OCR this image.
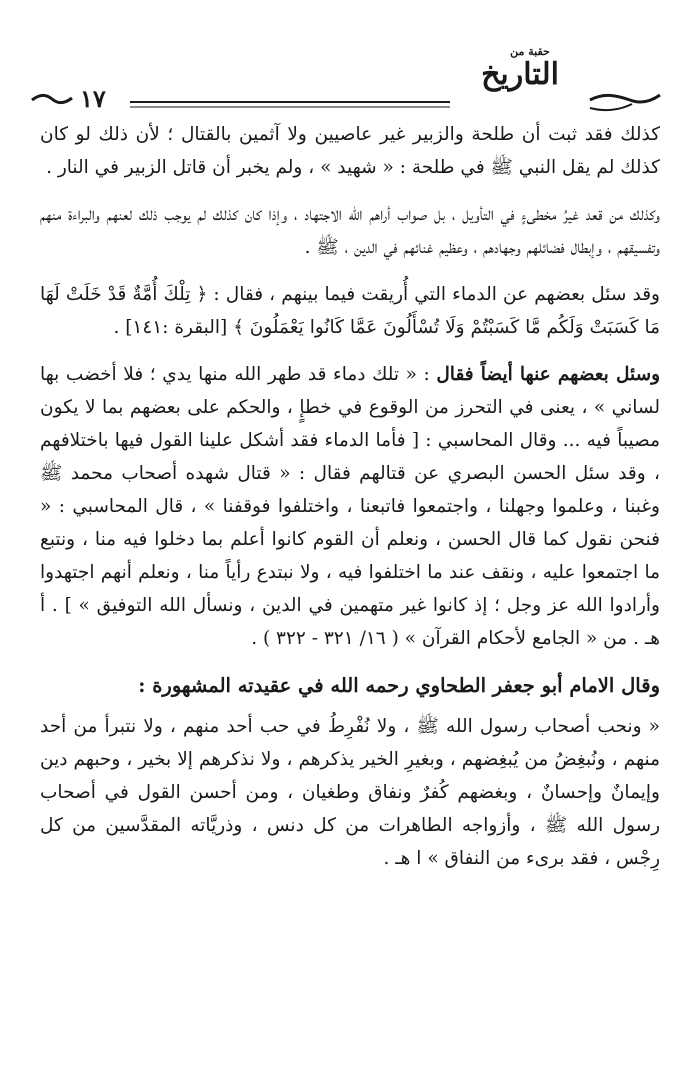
١٧
حقبة من
التاريخ

كذلك فقد ثبت أن طلحة والزبير غير عاصيين ولا آثمين بالقتال ؛ لأن ذلك لو كان كذلك لم يقل النبي ﷺ في طلحة : « شهيد » ، ولم يخبر أن قاتل الزبير في النار .

وكذلك من قعد غيرُ مخطىءٍ في التأويل ، بل صواب أراهم الله الاجتهاد ، وإذا كان كذلك لم يوجب ذلك لعنهم والبراءة منهم وتفسيقهم ، وإبطال فضائلهم وجهادهم ، وعظيم غنائهم في الدين ، ﷺ .

وقد سئل بعضهم عن الدماء التي أُريقت فيما بينهم ، فقال : ﴿ تِلْكَ أُمَّةٌ قَدْ خَلَتْ لَهَا مَا كَسَبَتْ وَلَكُم مَّا كَسَبْتُمْ وَلَا تُسْأَلُونَ عَمَّا كَانُوا يَعْمَلُونَ ﴾ [البقرة :١٤١] .

وسئل بعضهم عنها أيضاً فقال : « تلك دماء قد طهر الله منها يدي ؛ فلا أخضب بها لساني » ، يعنى في التحرز من الوقوع في خطإٍ ، والحكم على بعضهم بما لا يكون مصيباً فيه ... وقال المحاسبي : [ فأما الدماء فقد أشكل علينا القول فيها باختلافهم ، وقد سئل الحسن البصري عن قتالهم فقال : « قتال شهده أصحاب محمد ﷺ وغبنا ، وعلموا وجهلنا ، واجتمعوا فاتبعنا ، واختلفوا فوقفنا » ، قال المحاسبي : « فنحن نقول كما قال الحسن ، ونعلم أن القوم كانوا أعلم بما دخلوا فيه منا ، ونتبع ما اجتمعوا عليه ، ونقف عند ما اختلفوا فيه ، ولا نبتدع رأياً منا ، ونعلم أنهم اجتهدوا وأرادوا الله عز وجل ؛ إذ كانوا غير متهمين في الدين ، ونسأل الله التوفيق » ] . أ هـ . من « الجامع لأحكام القرآن » ( ١٦/ ٣٢١ - ٣٢٢ ) .

وقال الامام أبو جعفر الطحاوي رحمه الله في عقيدته المشهورة :

« ونحب أصحاب رسول الله ﷺ ، ولا نُفْرِطُ في حب أحد منهم ، ولا نتبرأ من أحد منهم ، ونُبغِضُ من يُبغِضهم ، وبغيرِ الخير يذكرهم ، ولا نذكرهم إلا بخير ، وحبهم دين وإيمانٌ وإحسانٌ ، وبغضهم كُفرٌ ونفاق وطغيان ، ومن أحسن القول في أصحاب رسول الله ﷺ ، وأزواجه الطاهرات من كل دنس ، وذريَّاته المقدَّسين من كل رِجْس ، فقد برىء من النفاق » ا هـ .
